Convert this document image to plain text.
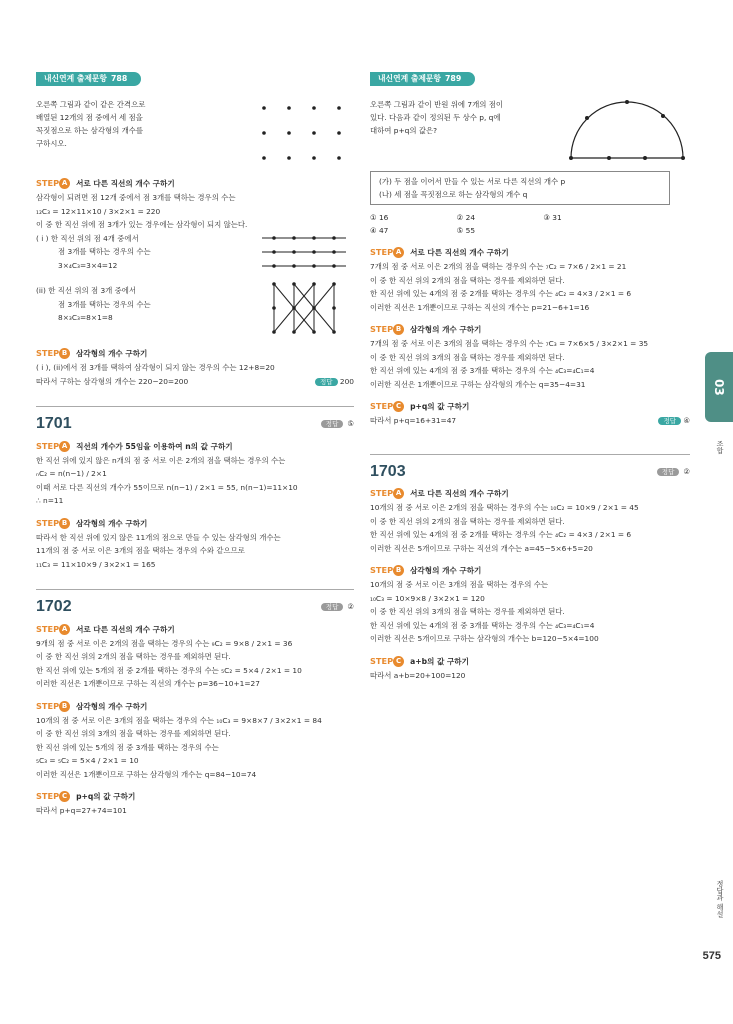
내신연계 출제문항 788
오른쪽 그림과 같이 같은 간격으로
배열된 12개의 점 중에서 세 점을
꼭짓점으로 하는 삼각형의 개수를
구하시오.
STEP A 서로 다른 직선의 개수 구하기
삼각형이 되려면 점 12개 중에서 점 3개를 택하는 경우의 수는
₁₂C₃ = 12×11×10 / 3×2×1 = 220
이 중 한 직선 위에 점 3개가 있는 경우에는 삼각형이 되지 않는다.
( i ) 한 직선 위의 점 4개 중에서
점 3개를 택하는 경우의 수는
3×₄C₃=3×4=12
(ii) 한 직선 위의 점 3개 중에서
점 3개를 택하는 경우의 수는
8×₃C₃=8×1=8
STEP B 삼각형의 개수 구하기
( i ), (ii)에서 점 3개를 택하여 삼각형이 되지 않는 경우의 수는 12+8=20
따라서 구하는 삼각형의 개수는 220−20=200	정답 200
1701	정답 ⑤
STEP A 직선의 개수가 55임을 이용하여 n의 값 구하기
한 직선 위에 있지 않은 n개의 점 중 서로 이은 2개의 점을 택하는 경우의 수는
ₙC₂ = n(n−1) / 2×1
이때 서로 다른 직선의 개수가 55이므로 n(n−1) / 2×1 = 55, n(n−1)=11×10
∴ n=11
STEP B 삼각형의 개수 구하기
따라서 한 직선 위에 있지 않은 11개의 점으로 만들 수 있는 삼각형의 개수는
11개의 점 중 서로 이은 3개의 점을 택하는 경우의 수와 같으므로
₁₁C₃ = 11×10×9 / 3×2×1 = 165
1702	정답 ②
STEP A 서로 다른 직선의 개수 구하기
9개의 점 중 서로 이은 2개의 점을 택하는 경우의 수는 ₉C₂ = 9×8 / 2×1 = 36
이 중 한 직선 위의 2개의 점을 택하는 경우를 제외하면 된다.
한 직선 위에 있는 5개의 점 중 2개를 택하는 경우의 수는 ₅C₂ = 5×4 / 2×1 = 10
이러한 직선은 1개뿐이므로 구하는 직선의 개수는 p=36−10+1=27
STEP B 삼각형의 개수 구하기
10개의 점 중 서로 이은 3개의 점을 택하는 경우의 수는 ₁₀C₃ = 9×8×7 / 3×2×1 = 84
이 중 한 직선 위의 3개의 점을 택하는 경우를 제외하면 된다.
한 직선 위에 있는 5개의 점 중 3개를 택하는 경우의 수는
₅C₃ = ₅C₂ = 5×4 / 2×1 = 10
이러한 직선은 1개뿐이므로 구하는 삼각형의 개수는 q=84−10=74
STEP C p+q의 값 구하기
따라서 p+q=27+74=101
내신연계 출제문항 789
오른쪽 그림과 같이 반원 위에 7개의 점이
있다. 다음과 같이 정의된 두 상수 p, q에
대하여 p+q의 값은?
(가) 두 점을 이어서 만들 수 있는 서로 다른 직선의 개수 p
(나) 세 점을 꼭짓점으로 하는 삼각형의 개수 q
① 16	② 24	③ 31
④ 47	⑤ 55
STEP A 서로 다른 직선의 개수 구하기
7개의 점 중 서로 이은 2개의 점을 택하는 경우의 수는 ₇C₂ = 7×6 / 2×1 = 21
이 중 한 직선 위의 2개의 점을 택하는 경우를 제외하면 된다.
한 직선 위에 있는 4개의 점 중 2개를 택하는 경우의 수는 ₄C₂ = 4×3 / 2×1 = 6
이러한 직선은 1개뿐이므로 구하는 직선의 개수는 p=21−6+1=16
STEP B 삼각형의 개수 구하기
7개의 점 중 서로 이은 3개의 점을 택하는 경우의 수는 ₇C₃ = 7×6×5 / 3×2×1 = 35
이 중 한 직선 위의 3개의 점을 택하는 경우를 제외하면 된다.
한 직선 위에 있는 4개의 점 중 3개를 택하는 경우의 수는 ₄C₃=₄C₁=4
이러한 직선은 1개뿐이므로 구하는 삼각형의 개수는 q=35−4=31
STEP C p+q의 값 구하기
따라서 p+q=16+31=47	정답 ④
1703	정답 ②
STEP A 서로 다른 직선의 개수 구하기
10개의 점 중 서로 이은 2개의 점을 택하는 경우의 수는 ₁₀C₂ = 10×9 / 2×1 = 45
이 중 한 직선 위의 2개의 점을 택하는 경우를 제외하면 된다.
한 직선 위에 있는 4개의 점 중 2개를 택하는 경우의 수는 ₄C₂ = 4×3 / 2×1 = 6
이러한 직선은 5개이므로 구하는 직선의 개수는 a=45−5×6+5=20
STEP B 삼각형의 개수 구하기
10개의 점 중 서로 이은 3개의 점을 택하는 경우의 수는
₁₀C₃ = 10×9×8 / 3×2×1 = 120
이 중 한 직선 위의 3개의 점을 택하는 경우를 제외하면 된다.
한 직선 위에 있는 4개의 점 중 3개를 택하는 경우의 수는 ₄C₃=₄C₁=4
이러한 직선은 5개이므로 구하는 삼각형의 개수는 b=120−5×4=100
STEP C a+b의 값 구하기
따라서 a+b=20+100=120
03
조합
정답과 해설
575
